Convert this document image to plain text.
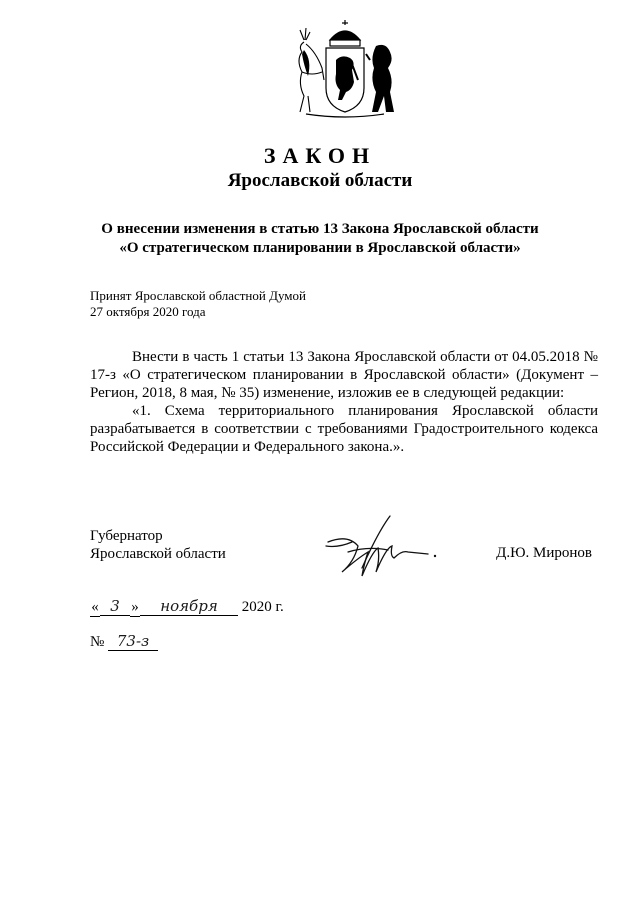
ЗАКОН
Ярославской области
О внесении изменения в статью 13 Закона Ярославской области
«О стратегическом планировании в Ярославской области»
Принят Ярославской областной Думой
27 октября 2020 года

Внести в часть 1 статьи 13 Закона Ярославской области от 04.05.2018 № 17-з «О стратегическом планировании в Ярославской области» (Документ – Регион, 2018, 8 мая, № 35) изменение, изложив ее в следующей редакции:

«1. Схема территориального планирования Ярославской области разрабатывается в соответствии с требованиями Градостроительного кодекса Российской Федерации и Федерального закона.».

Губернатор
Ярославской области	Д.Ю. Миронов
« 3 » ноября 2020 г.
№ 73-з
